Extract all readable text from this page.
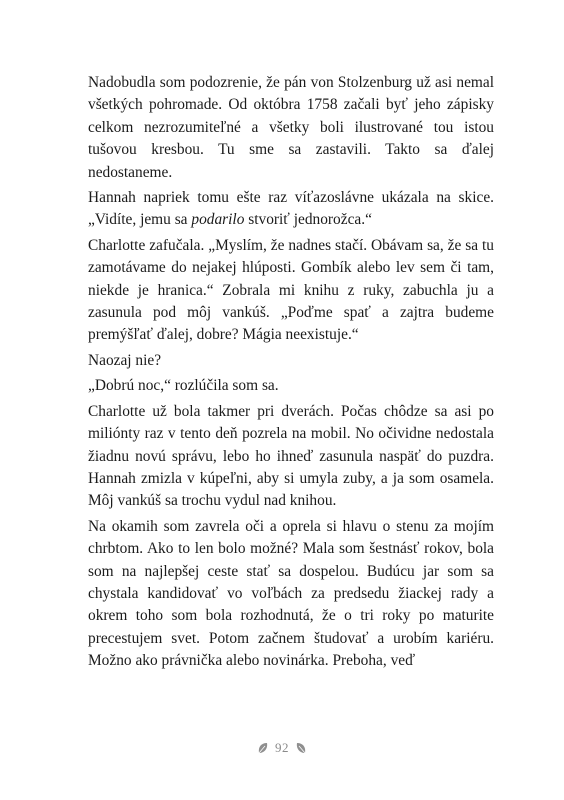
Nadobudla som podozrenie, že pán von Stolzenburg už asi nemal všetkých pohromade. Od októbra 1758 začali byť jeho zápisky celkom nezrozumiteľné a všetky boli ilustrované tou istou tušovou kresbou. Tu sme sa zastavili. Takto sa ďalej nedostaneme.

Hannah napriek tomu ešte raz víťazoslávne ukázala na skice. „Vidíte, jemu sa podarilo stvoriť jednorožca.“

Charlotte zafučala. „Myslím, že nadnes stačí. Obávam sa, že sa tu zamotávame do nejakej hlúposti. Gombík alebo lev sem či tam, niekde je hranica.“ Zobrala mi knihu z ruky, zabuchla ju a zasunula pod môj vankúš. „Poďme spať a zajtra budeme premýšľať ďalej, dobre? Mágia neexistuje.“

Naozaj nie?

„Dobrú noc,“ rozlúčila som sa.

Charlotte už bola takmer pri dverách. Počas chôdze sa asi po miliónty raz v tento deň pozrela na mobil. No očividne nedostala žiadnu novú správu, lebo ho ihneď zasunula naspäť do puzdra. Hannah zmizla v kúpeľni, aby si umyla zuby, a ja som osamela. Môj vankúš sa trochu vydul nad knihou.

Na okamih som zavrela oči a oprela si hlavu o stenu za mojím chrbtom. Ako to len bolo možné? Mala som šestnásť rokov, bola som na najlepšej ceste stať sa dospelou. Budúcu jar som sa chystala kandidovať vo voľbách za predsedu žiackej rady a okrem toho som bola rozhodnutá, že o tri roky po maturite precestujem svet. Potom začnem študovať a urobím kariéru. Možno ako právnička alebo novinárka. Preboha, veď

92
